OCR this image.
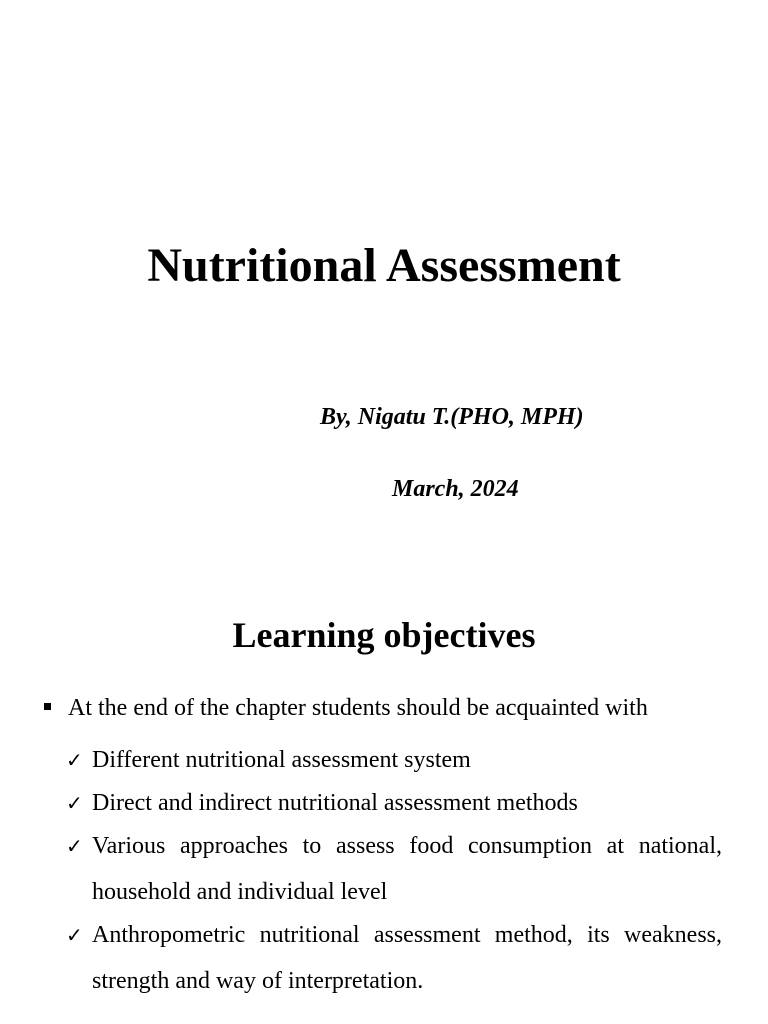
Nutritional Assessment
By, Nigatu T.(PHO, MPH)
March, 2024
Learning objectives
At the end of the chapter students should be acquainted with
✓ Different nutritional assessment system
✓ Direct and indirect nutritional assessment methods
✓ Various approaches to assess food consumption at national, household and individual level
✓ Anthropometric nutritional assessment method, its weakness, strength and way of interpretation.
